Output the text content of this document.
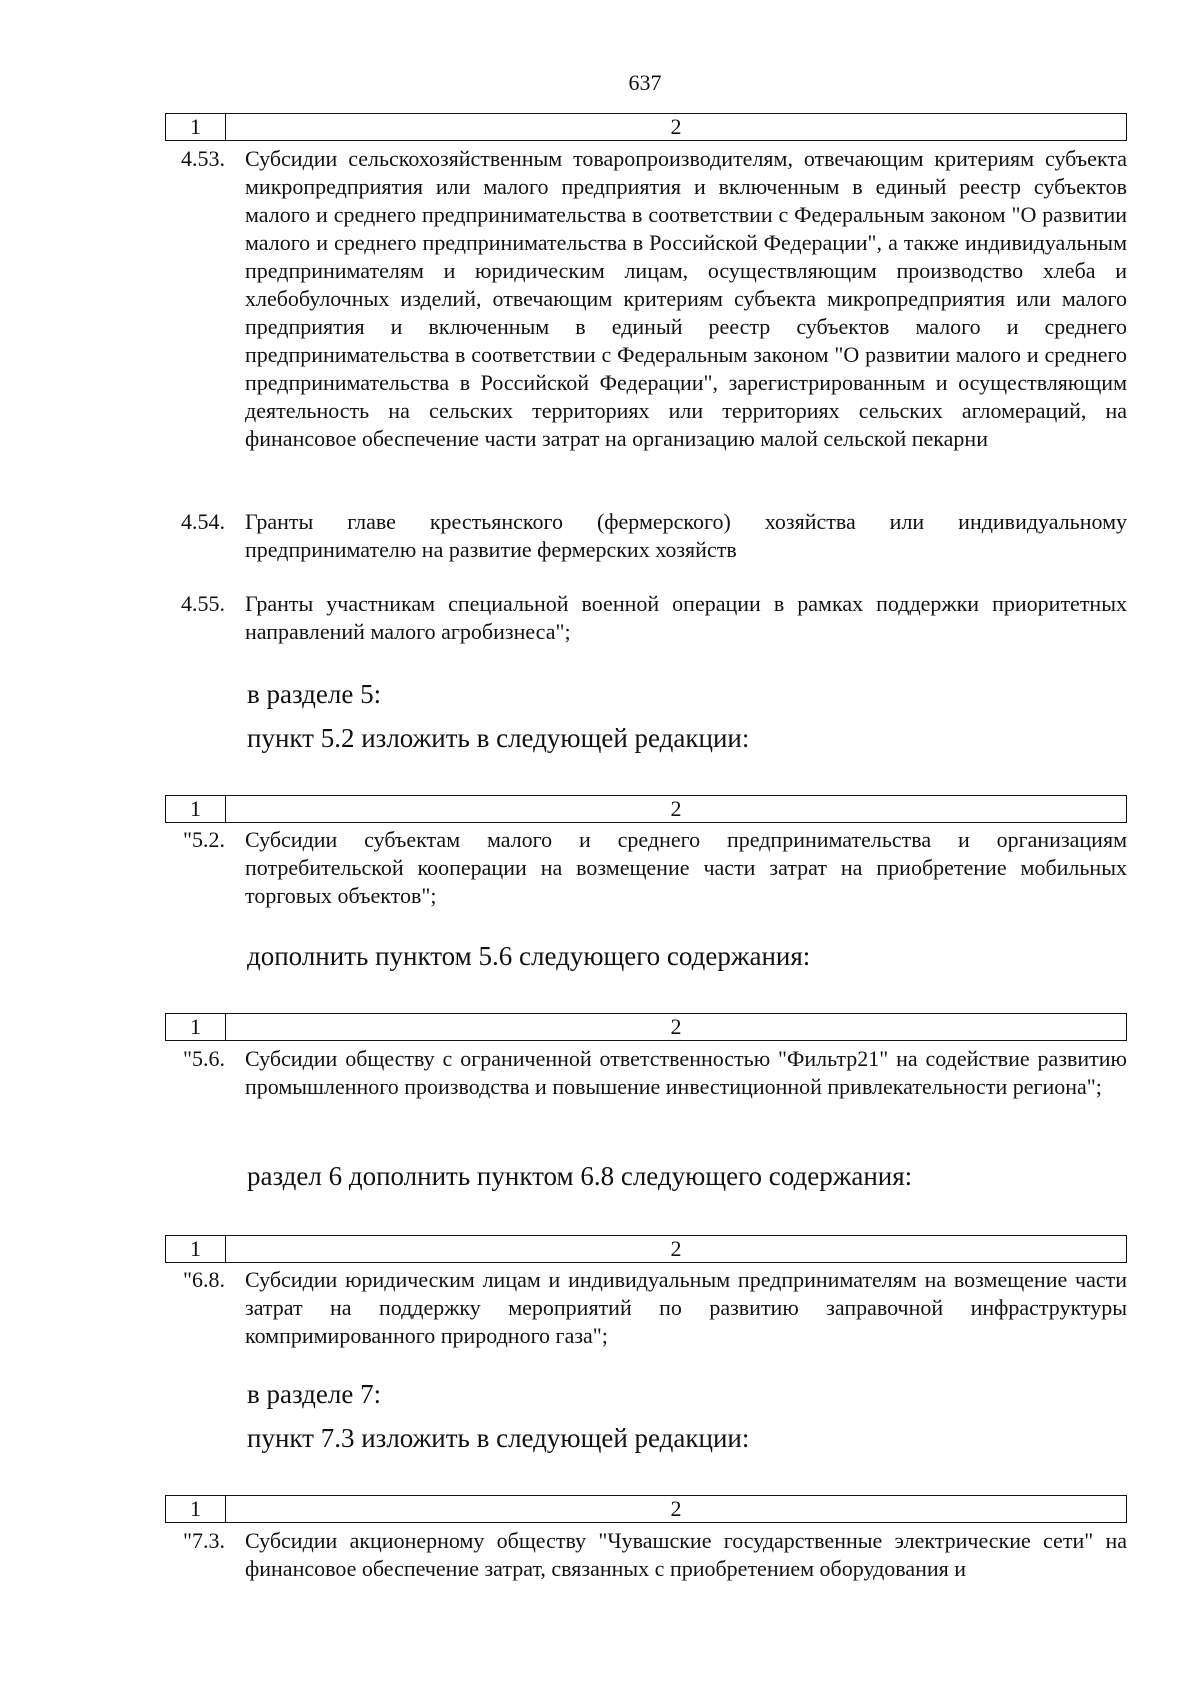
637
1	2
4.53. Субсидии сельскохозяйственным товаропроизводителям, отвечающим критериям субъекта микропредприятия или малого предприятия и включенным в единый реестр субъектов малого и среднего предпринимательства в соответствии с Федеральным законом "О развитии малого и среднего предпринимательства в Российской Федерации", а также индивидуальным предпринимателям и юридическим лицам, осуществляющим производство хлеба и хлебобулочных изделий, отвечающим критериям субъекта микропредприятия или малого предприятия и включенным в единый реестр субъектов малого и среднего предпринимательства в соответствии с Федеральным законом "О развитии малого и среднего предпринимательства в Российской Федерации", зарегистрированным и осуществляющим деятельность на сельских территориях или территориях сельских агломераций, на финансовое обеспечение части затрат на организацию малой сельской пекарни
4.54. Гранты главе крестьянского (фермерского) хозяйства или индивидуальному предпринимателю на развитие фермерских хозяйств
4.55. Гранты участникам специальной военной операции в рамках поддержки приоритетных направлений малого агробизнеса";
в разделе 5:
пункт 5.2 изложить в следующей редакции:
1	2
"5.2. Субсидии субъектам малого и среднего предпринимательства и организациям потребительской кооперации на возмещение части затрат на приобретение мобильных торговых объектов";
дополнить пунктом 5.6 следующего содержания:
1	2
"5.6. Субсидии обществу с ограниченной ответственностью "Фильтр21" на содействие развитию промышленного производства и повышение инвестиционной привлекательности региона";
раздел 6 дополнить пунктом 6.8 следующего содержания:
1	2
"6.8. Субсидии юридическим лицам и индивидуальным предпринимателям на возмещение части затрат на поддержку мероприятий по развитию заправочной инфраструктуры компримированного природного газа";
в разделе 7:
пункт 7.3 изложить в следующей редакции:
1	2
"7.3. Субсидии акционерному обществу "Чувашские государственные электрические сети" на финансовое обеспечение затрат, связанных с приобретением оборудования и
